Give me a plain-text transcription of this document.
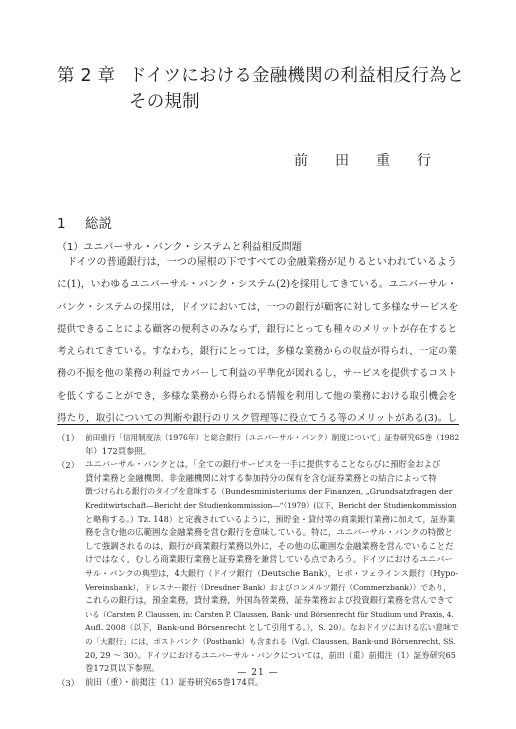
第 2 章 ドイツにおける金融機関の利益相反行為と
その規制
前田重行
1 総説
（1）ユニバーサル・バンク・システムと利益相反問題
ドイツの普通銀行は，一つの屋根の下ですべての金融業務が足りるといわれているよう
に(1)，いわゆるユニバーサル・バンク・システム(2)を採用してきている。ユニバーサル・
バンク・システムの採用は，ドイツにおいては，一つの銀行が顧客に対して多様なサービスを
提供できることによる顧客の便利さのみならず，銀行にとっても種々のメリットが存在すると
考えられてきている。すなわち，銀行にとっては，多様な業務からの収益が得られ，一定の業
務の不振を他の業務の利益でカバーして利益の平準化が図れるし，サービスを提供するコスト
を低くすることができ，多様な業務から得られる情報を利用して他の業務における取引機会を
得たり，取引についての判断や銀行のリスク管理等に役立てうる等のメリットがある(3)。し
（1） 前田重行「信用制度法（1976年）と総合銀行（ユニバーサル・バンク）制度について」証券研究65巻（1982
年）172頁参照。
（2） ユニバーサル・バンクとは，「全ての銀行サービスを一手に提供することならびに預貯金および
貸付業務と金融機関、非金融機関に対する参加持分の保有を含む証券業務との結合によって特
徴づけられる銀行のタイプを意味する（Bundesministeriums der Finanzen, „Grundsatzfragen der
Kreditwirtschaft―Bericht der Studienkommission―“（1979）(以下，Bericht der Studienkommission
と略称する。）Tz. 148）と定義されているように，預貯金・貸付等の商業銀行業務に加えて，証券業
務を含む他の広範囲な金融業務を営む銀行を意味している。特に，ユニバーサル・バンクの特徴と
して強調されるのは，銀行が商業銀行業務以外に，その他の広範囲な金融業務を営んでいることだ
けではなく，むしろ商業銀行業務と証券業務を兼営している点であろう。ドイツにおけるユニバー
サル・バンクの典型は，4大銀行（ドイツ銀行（Deutsche Bank），ヒポ・フェラインス銀行（Hypo-
Vereinsbank），ドレスナー銀行（Dresdner Bank）およびコンメルツ銀行（Commerzbank））であり，
これらの銀行は，預金業務，貸付業務，外国為替業務，証券業務および投資銀行業務を営んできて
いる（Carsten P. Claussen, in: Carsten P. Claussen, Bank- und Börsenrecht für Studium und Praxis, 4.
Aufl. 2008（以下，Bank-und Börsenrecht として引用する。），S. 20）。なおドイツにおける広い意味で
の「大銀行」には，ポストバンク（Postbank）も含まれる（Vgl. Claussen, Bank-und Börsenrecht, SS.
20, 29 ～ 30）。ドイツにおけるユニバーサル・バンクについては，前田（重）前掲注（1）証券研究65
巻172頁以下参照。
（3） 前田（重）・前掲注（1）証券研究65巻174頁。
— 21 —
